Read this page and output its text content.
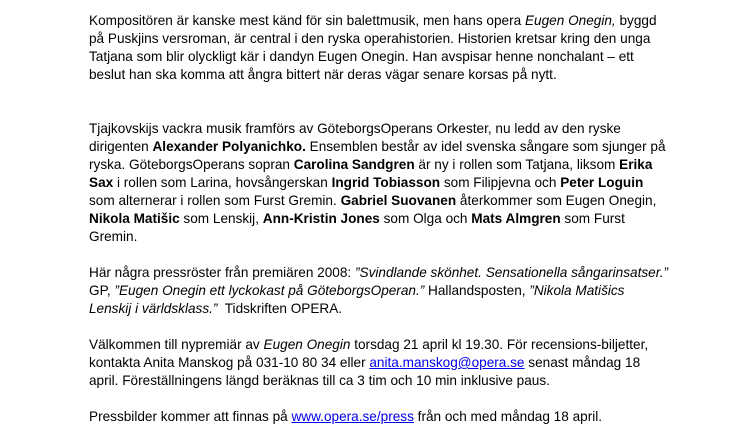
Kompositören är kanske mest känd för sin balettmusik, men hans opera Eugen Onegin, byggd på Puskjins versroman, är central i den ryska operahistorien. Historien kretsar kring den unga Tatjana som blir olyckligt kär i dandyn Eugen Onegin. Han avspisar henne nonchalant – ett beslut han ska komma att ångra bittert när deras vägar senare korsas på nytt.

Tjajkovskijs vackra musik framförs av GöteborgsOperans Orkester, nu ledd av den ryske dirigenten Alexander Polyanichko. Ensemblen består av idel svenska sångare som sjunger på ryska. GöteborgsOperans sopran Carolina Sandgren är ny i rollen som Tatjana, liksom Erika Sax i rollen som Larina, hovsångerskan Ingrid Tobiasson som Filipjevna och Peter Loguin som alternerar i rollen som Furst Gremin. Gabriel Suovanen återkommer som Eugen Onegin, Nikola Matišic som Lenskij, Ann-Kristin Jones som Olga och Mats Almgren som Furst Gremin.

Här några pressröster från premiären 2008: ”Svindlande skönhet. Sensationella sångarinsatser.”  GP, ”Eugen Onegin ett lyckokast på GöteborgsOperan.” Hallandsposten, ”Nikola Matišics Lenskij i världsklass.”  Tidskriften OPERA.

Välkommen till nypremiär av Eugen Onegin torsdag 21 april kl 19.30. För recensions-biljetter, kontakta Anita Manskog på 031-10 80 34 eller anita.manskog@opera.se senast måndag 18 april. Föreställningens längd beräknas till ca 3 tim och 10 min inklusive paus.

Pressbilder kommer att finnas på www.opera.se/press från och med måndag 18 april.
